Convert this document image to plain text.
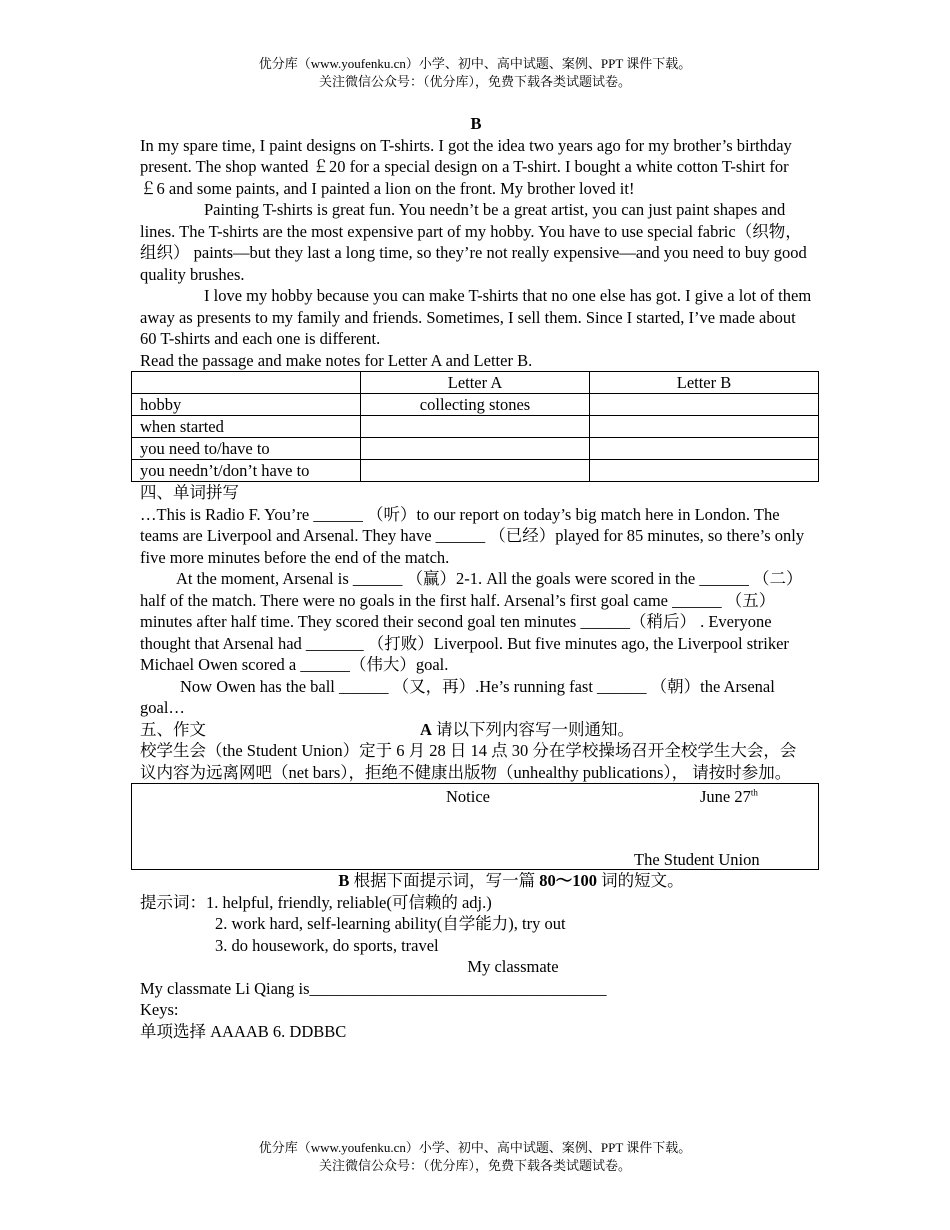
优分库（www.youfenku.cn）小学、初中、高中试题、案例、PPT 课件下载。
关注微信公众号：（优分库），免费下载各类试题试卷。

B

In my spare time, I paint designs on T-shirts. I got the idea two years ago for my brother’s birthday present. The shop wanted ￡20 for a special design on a T-shirt. I bought a white cotton T-shirt for ￡6 and some paints, and I painted a lion on the front. My brother loved it!

Painting T-shirts is great fun. You needn’t be a great artist, you can just paint shapes and lines. The T-shirts are the most expensive part of my hobby. You have to use special fabric（织物，组织） paints—but they last a long time, so they’re not really expensive—and you need to buy good quality brushes.

I love my hobby because you can make T-shirts that no one else has got. I give a lot of them away as presents to my family and friends. Sometimes, I sell them. Since I started, I’ve made about 60 T-shirts and each one is different.

Read the passage and make notes for Letter A and Letter B.

	Letter A	Letter B
hobby	collecting stones	
when started		
you need to/have to		
you needn’t/don’t have to		

四、单词拼写

…This is Radio F. You’re ______ （听）to our report on today’s big match here in London. The teams are Liverpool and Arsenal. They have ______ （已经）played for 85 minutes, so there’s only five more minutes before the end of the match.

At the moment, Arsenal is ______ （赢）2-1. All the goals were scored in the ______ （二）half of the match. There were no goals in the first half. Arsenal’s first goal came ______ （五）minutes after half time. They scored their second goal ten minutes ______（稍后） . Everyone thought that Arsenal had _______ （打败）Liverpool. But five minutes ago, the Liverpool striker Michael Owen scored a ______（伟大）goal.

Now Owen has the ball ______ （又，再）.He’s running fast ______ （朝）the Arsenal goal…

五、作文	A 请以下列内容写一则通知。

校学生会（the Student Union）定于 6 月 28 日 14 点 30 分在学校操场召开全校学生大会，会议内容为远离网吧（net bars），拒绝不健康出版物（unhealthy publications）， 请按时参加。

Notice	June 27th
The Student Union

B 根据下面提示词，写一篇 80～100 词的短文。

提示词：1. helpful, friendly, reliable(可信赖的 adj.)

2. work hard, self-learning ability(自学能力), try out

3. do housework, do sports, travel

My classmate

My classmate Li Qiang is____________________________________

Keys:

单项选择 AAAAB 6. DDBBC

优分库（www.youfenku.cn）小学、初中、高中试题、案例、PPT 课件下载。
关注微信公众号：（优分库），免费下载各类试题试卷。
